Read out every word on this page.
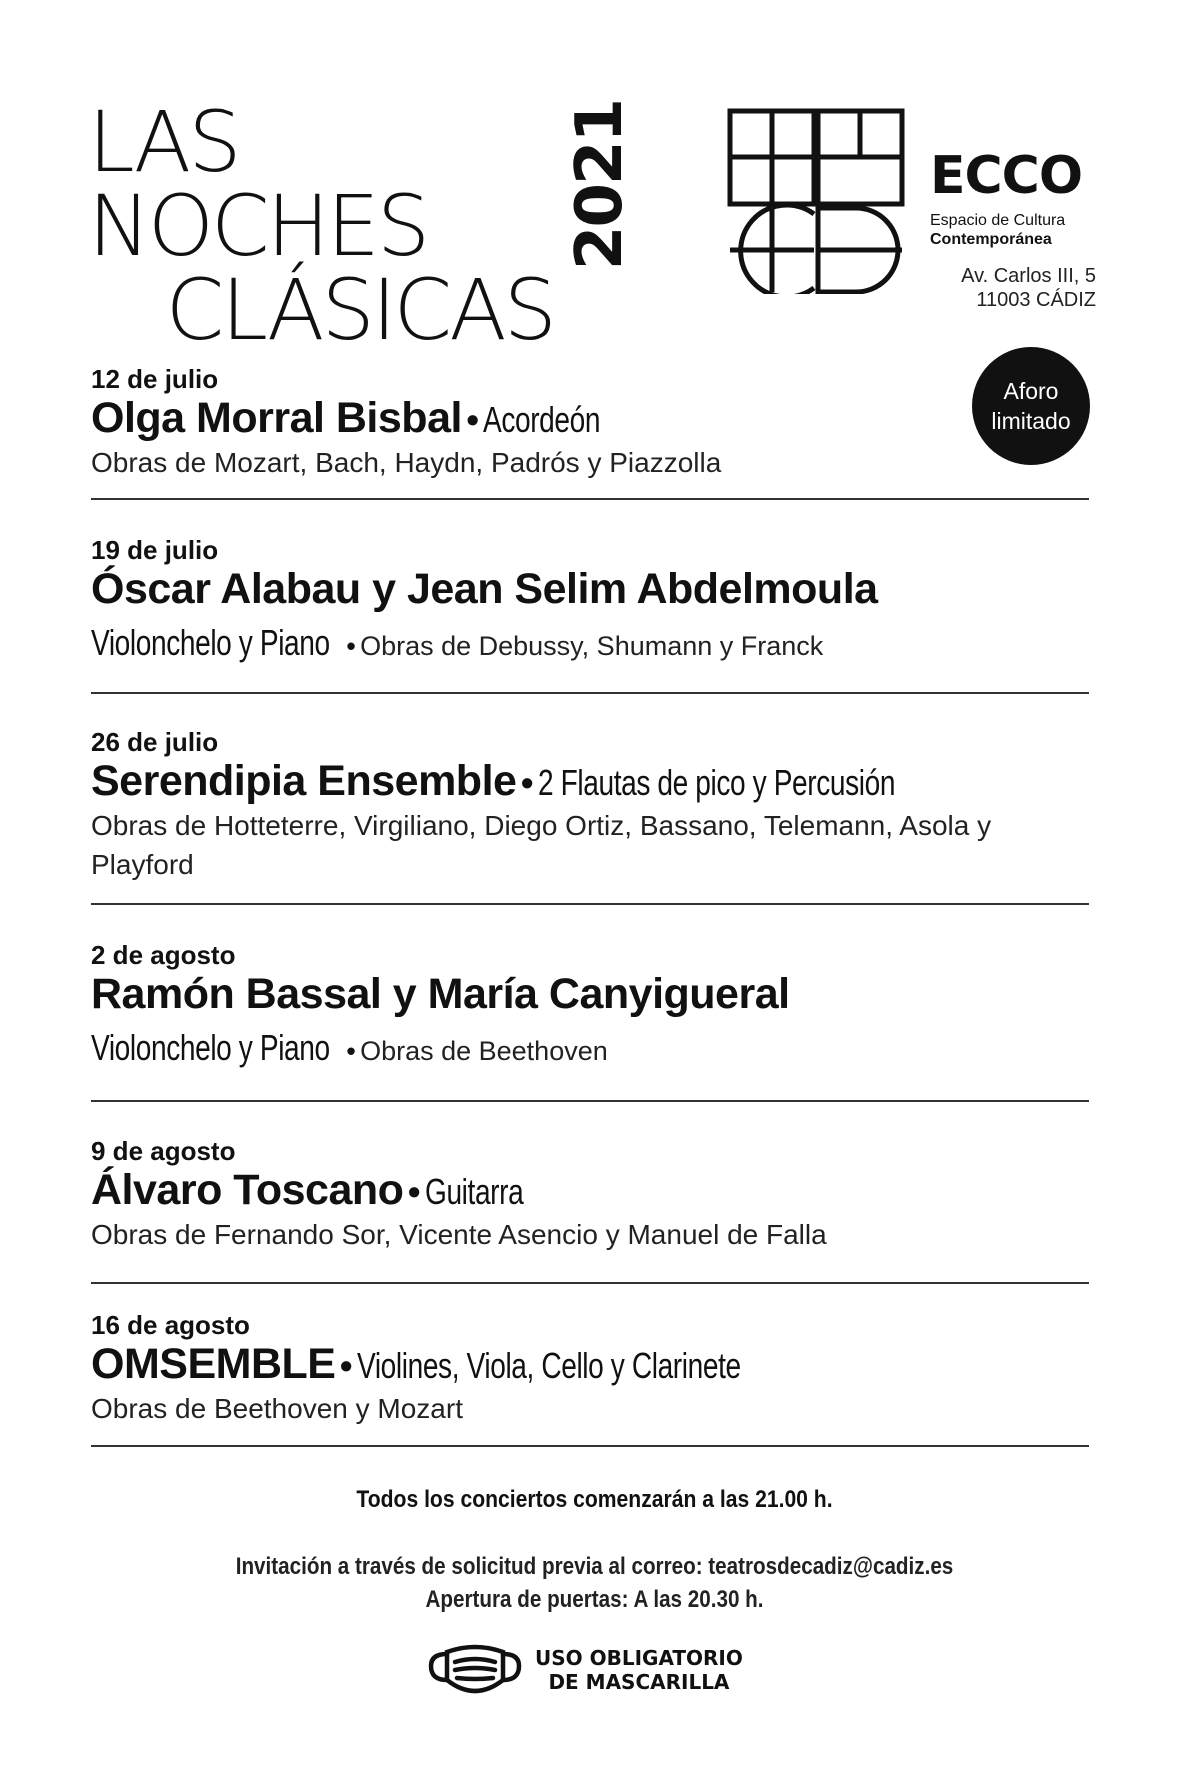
LAS NOCHES
CLÁSICAS
2021	ECCO
Espacio de Cultura
Contemporánea
Av. Carlos III, 5
11003 CÁDIZ
Aforo
limitado
12 de julio
Olga Morral Bisbal • Acordeón
Obras de Mozart, Bach, Haydn, Padrós y Piazzolla
19 de julio
Óscar Alabau y Jean Selim Abdelmoula
Violonchelo y Piano • Obras de Debussy, Shumann y Franck
26 de julio
Serendipia Ensemble • 2 Flautas de pico y Percusión
Obras de Hotteterre, Virgiliano, Diego Ortiz, Bassano, Telemann, Asola y Playford
2 de agosto
Ramón Bassal y María Canyigueral
Violonchelo y Piano • Obras de Beethoven
9 de agosto
Álvaro Toscano • Guitarra
Obras de Fernando Sor, Vicente Asencio y Manuel de Falla
16 de agosto
OMSEMBLE • Violines, Viola, Cello y Clarinete
Obras de Beethoven y Mozart
Todos los conciertos comenzarán a las 21.00 h.
Invitación a través de solicitud previa al correo: teatrosdecadiz@cadiz.es
Apertura de puertas: A las 20.30 h.
USO OBLIGATORIO
DE MASCARILLA
